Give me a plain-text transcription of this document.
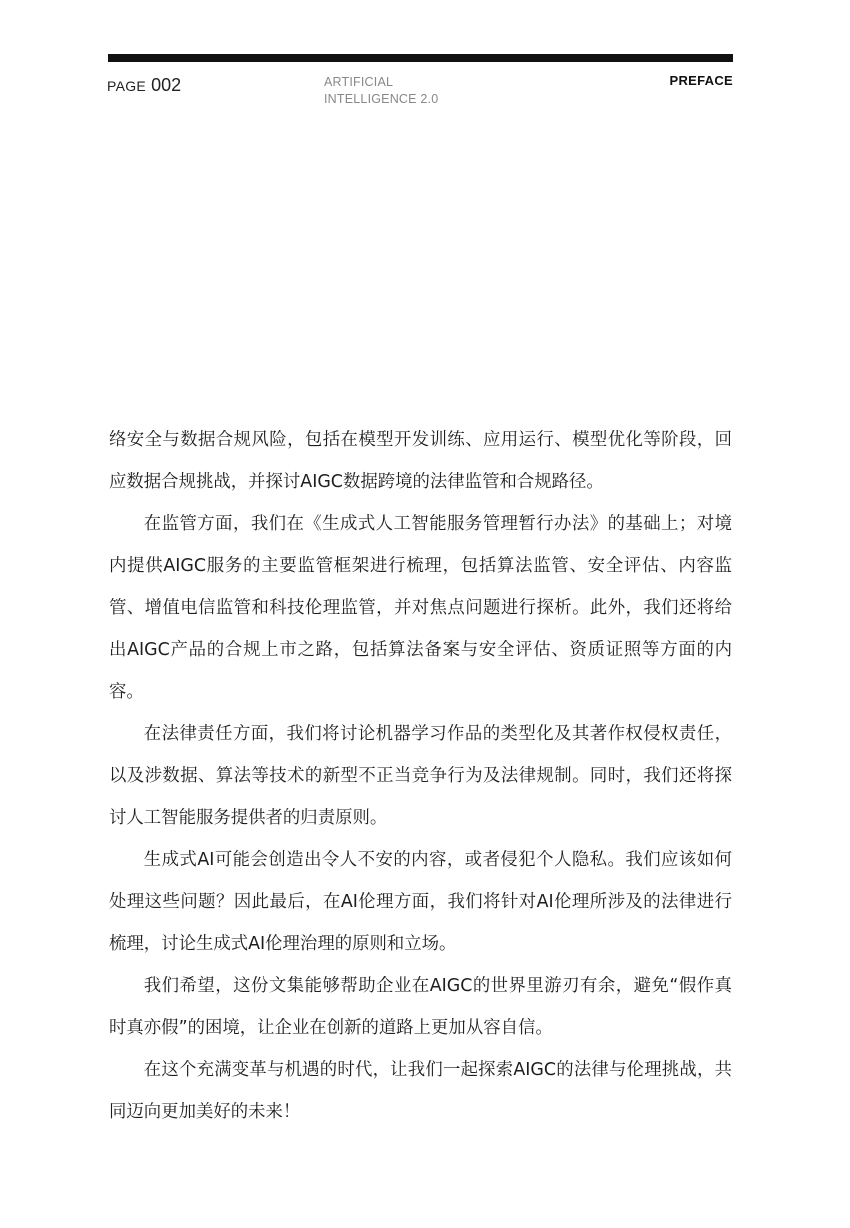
PAGE 002	ARTIFICIAL
INTELLIGENCE 2.0
PREFACE

络安全与数据合规风险，包括在模型开发训练、应用运行、模型优化等阶段，回应数据合规挑战，并探讨AIGC数据跨境的法律监管和合规路径。

在监管方面，我们在《生成式人工智能服务管理暂行办法》的基础上；对境内提供AIGC服务的主要监管框架进行梳理，包括算法监管、安全评估、内容监管、增值电信监管和科技伦理监管，并对焦点问题进行探析。此外，我们还将给出AIGC产品的合规上市之路，包括算法备案与安全评估、资质证照等方面的内容。

在法律责任方面，我们将讨论机器学习作品的类型化及其著作权侵权责任，以及涉数据、算法等技术的新型不正当竞争行为及法律规制。同时，我们还将探讨人工智能服务提供者的归责原则。

生成式AI可能会创造出令人不安的内容，或者侵犯个人隐私。我们应该如何处理这些问题？因此最后，在AI伦理方面，我们将针对AI伦理所涉及的法律进行梳理，讨论生成式AI伦理治理的原则和立场。

我们希望，这份文集能够帮助企业在AIGC的世界里游刃有余，避免“假作真时真亦假”的困境，让企业在创新的道路上更加从容自信。

在这个充满变革与机遇的时代，让我们一起探索AIGC的法律与伦理挑战，共同迈向更加美好的未来！
